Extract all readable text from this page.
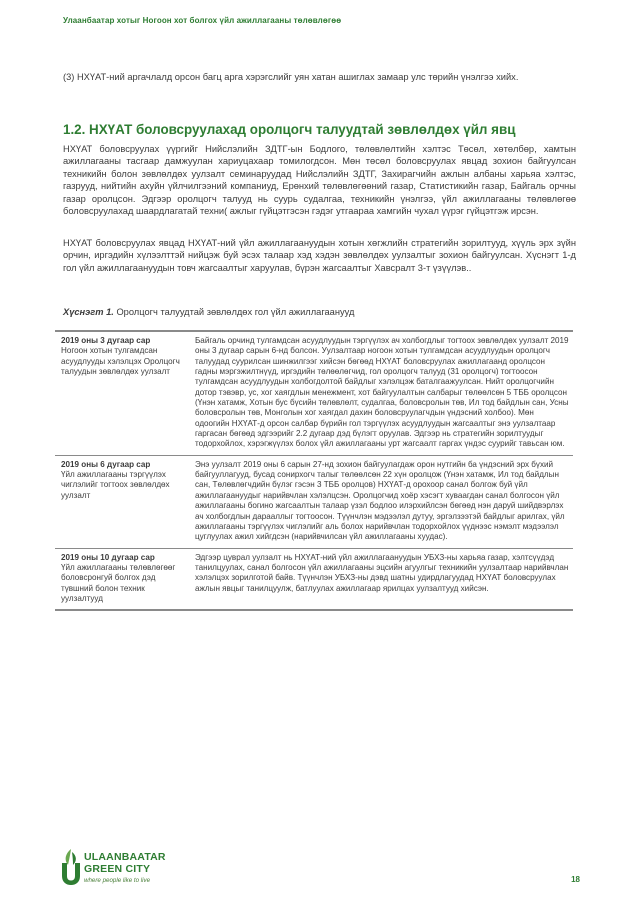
Улаанбаатар хотыг Ногоон хот болгох үйл ажиллагааны төлөвлөгөө

(3) НХҮАТ-ний аргачлалд орсон багц арга хэрэгслийг уян хатан ашиглах замаар улс төрийн үнэлгээ хийх.

1.2. НХҮАТ боловсруулахад оролцогч талуудтай зөвлөлдөх үйл явц

НХҮАТ боловсруулах үүргийг Нийслэлийн ЗДТГ-ын Бодлого, төлөвлөлтийн хэлтэс Төсөл, хөтөлбөр, хамтын ажиллагааны тасгаар дамжуулан хариуцахаар томилогдсон. Мөн төсөл боловсруулах явцад зохион байгуулсан техникийн болон зөвлөлдөх уулзалт семинаруудад Нийслэлийн ЗДТГ, Захирагчийн ажлын албаны харьяа хэлтэс, газрууд, нийтийн ахуйн үйлчилгээний компаниуд, Ерөнхий төлөвлөгөөний газар, Статистикийн газар, Байгаль орчны газар оролцсон. Эдгээр оролцогч талууд нь суурь судалгаа, техникийн үнэлгээ, үйл ажиллагааны төлөвлөгөө боловсруулахад шаардлагатай техни( ажлыг гүйцэтгэсэн гэдэг утгаараа хамгийн чухал үүрэг гүйцэтгэж ирсэн.

НХҮАТ боловсруулах явцад НХҮАТ-ний үйл ажиллагаануудын хотын хөгжлийн стратегийн зорилтууд, хүүль эрх зүйн орчин, иргэдийн хүлээлттэй нийцэж буй эсэх талаар хэд хэдэн зөвлөлдөх уулзалтыг зохион байгуулсан. Хүснэгт 1-д гол үйл ажиллагаануудын товч жагсаалтыг харуулав, бүрэн жагсаалтыг Хавсралт 3-т үзүүлэв..

Хүснэгт 1. Оролцогч талуудтай зөвлөлдөх гол үйл ажиллагаанууд
2019 оны 3 дугаар сар
Ногоон хотын тулгамдсан асуудлууды хэлэлцэх Оролцогч талуудын зөвлөлдөх уулзалт	Байгаль орчинд тулгамдсан асуудлуудын тэргүүлэх ач холбогдлыг тогтоох зөвлөлдөх уулзалт 2019 оны 3 дугаар сарын 6-нд болсон. Уулзалтаар ногоон хотын тулгамдсан асуудлуудын оролцогч талуудад суурилсан шинжилгээг хийсэн бөгөөд НХҮАТ боловсруулах ажиллагаанд оролцсон гадны мэргэжилтнүүд, иргэдийн төлөөлөгчид, гол оролцогч талууд (31 оролцогч) тогтоосон тулгамдсан асуудлуудын холбогдолтой байдлыг хэлэлцэж баталгаажуулсан. Нийт оролцогчийн дотор тэвэвр, ус, хог хаягдлын менежмент, хот байгуулалтын салбарыг төлөөлсөн 5 ТББ оролцсон (Үнэн хатамж, Хотын бус бүсийн төлөвлөлт, судалгаа, боловсролын төв, Ил тод байдлын сан, Усны боловсролын төв, Монголын хог хаягдал дахин боловсруулагчдын үндэсний холбоо). Мөн одоогийн НХҮАТ-д орсон салбар бүрийн гол тэргүүлэх асуудлуудын жагсаалтыг энэ уулзалтаар гаргасан бөгөөд эдгээрийг 2.2 дугаар дэд бүлэгт оруулав. Эдгээр нь стратегийн зорилтуудыг тодорхойлох, хэрэгжүүлэх болох үйл ажиллагааны урт жагсаалт гаргах үндэс суурийг тавьсан юм.

2019 оны 6 дугаар сар
Үйл ажиллагааны тэргүүлэх чиглэлийг тогтоох зөвлөлдөх уулзалт	Энэ уулзалт 2019 оны 6 сарын 27-нд зохион байгуулагдаж орон нутгийн ба үндэсний эрх бүхий байгууллагууд, бусад сонирхогч талыг төлөөлсөн 22 хүн оролцож (Үнэн хатамж, Ил тод байдлын сан, Төлөвлөгчдийн бүлэг гэсэн 3 ТББ оролцов) НХҮАТ-д орохоор санал болгож буй үйл ажиллагаануудыг нарийвчлан хэлэлцсэн. Оролцогчид хоёр хэсэгт хуваагдан санал болгосон үйл ажиллагааны богино жагсаалтын талаар үзэл бодлоо илэрхийлсэн бөгөөд нэн даруй шийдвэрлэх ач холбогдлын дарааллыг тогтоосон. Түүнчлэн мэдээлэл дутуу, эргэлзээтэй байдлыг арилгах, үйл ажиллагааны тэргүүлэх чиглэлийг аль болох нарийвчлан тодорхойлох үүднээс нэмэлт мэдээлэл цуглуулах ажил хийгдсэн (нарийвчилсан үйл ажиллагааны хуудас).

2019 оны 10 дугаар сар
Үйл ажиллагааны төлөвлөгөөг боловсронгуй болгох дэд түвшний болон техник уулзалтууд	Эдгээр цуврал уулзалт нь НХҮАТ-ний үйл ажиллагаануудын УБХЗ-ны харьяа газар, хэлтсүүдэд танилцуулах, санал болгосон үйл ажиллагааны эцсийн агуулгыг техникийн уулзалтаар нарийвчлан хэлэлцэх зорилготой байв. Түүнчлэн УБХЗ-ны дэвд шатны удирдлагуудад НХҮАТ боловсруулах ажлын явцыг танилцуулж, батлуулах ажиллагаар ярилцах уулзалтууд хийсэн.
ULAANBAATAR
GREEN CITY
where people like to live	18
